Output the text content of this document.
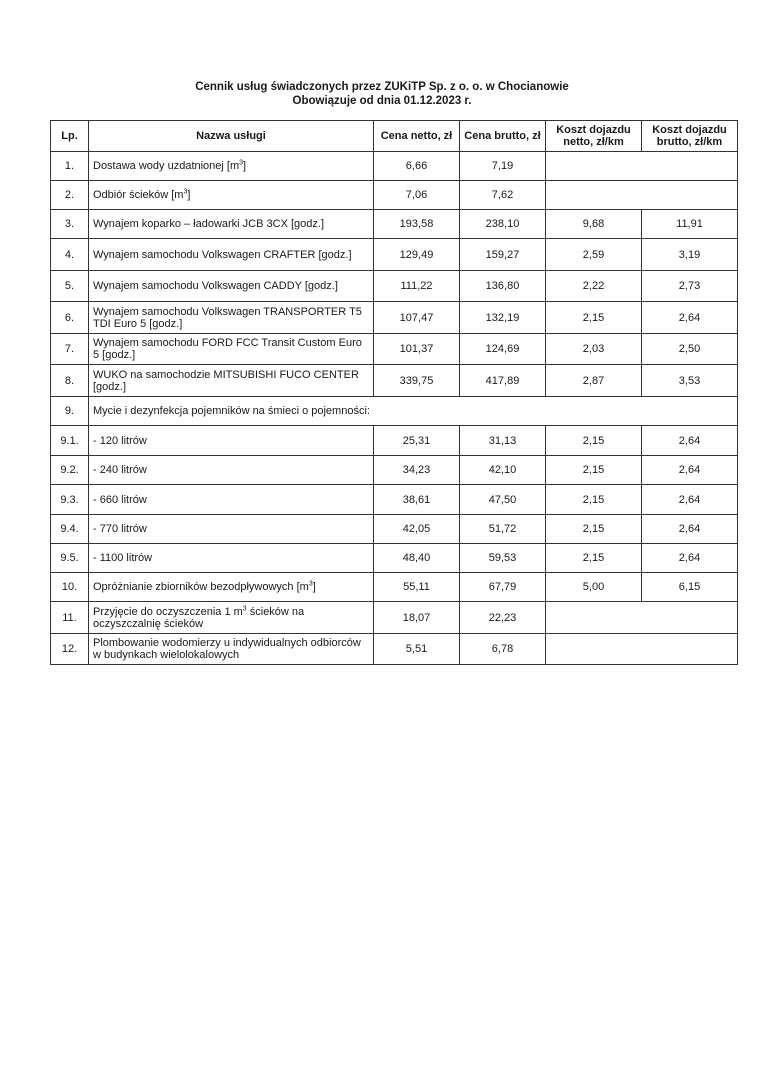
Cennik usług świadczonych przez ZUKiTP Sp. z o. o. w Chocianowie
Obowiązuje od dnia 01.12.2023 r.
Lp.	Nazwa usługi	Cena netto, zł	Cena brutto, zł	Koszt dojazdu netto, zł/km	Koszt dojazdu brutto, zł/km
1.	Dostawa wody uzdatnionej $[m^3]$	6,66	7,19		
2.	Odbiór ścieków $[m^3]$	7,06	7,62		
3.	Wynajem koparko – ładowarki JCB 3CX [godz.]	193,58	238,10	9,68	11,91
4.	Wynajem samochodu Volkswagen CRAFTER [godz.]	129,49	159,27	2,59	3,19
5.	Wynajem samochodu Volkswagen CADDY [godz.]	111,22	136,80	2,22	2,73
6.	Wynajem samochodu Volkswagen TRANSPORTER T5 TDI Euro 5 [godz.]	107,47	132,19	2,15	2,64
7.	Wynajem samochodu FORD FCC Transit Custom Euro 5 [godz.]	101,37	124,69	2,03	2,50
8.	WUKO na samochodzie MITSUBISHI FUCO CENTER [godz.]	339,75	417,89	2,87	3,53
9.	Mycie i dezynfekcja pojemników na śmieci o pojemności:				
9.1.	- 120 litrów	25,31	31,13	2,15	2,64
9.2.	- 240 litrów	34,23	42,10	2,15	2,64
9.3.	- 660 litrów	38,61	47,50	2,15	2,64
9.4.	- 770 litrów	42,05	51,72	2,15	2,64
9.5.	- 1100 litrów	48,40	59,53	2,15	2,64
10.	Opróżnianie zbiorników bezodpływowych $[m^3]$	55,11	67,79	5,00	6,15
11.	Przyjęcie do oczyszczenia 1 $m^3$ ścieków na oczyszczalnię ścieków	18,07	22,23		
12.	Plombowanie wodomierzy u indywidualnych odbiorców w budynkach wielolokalowych	5,51	6,78		
